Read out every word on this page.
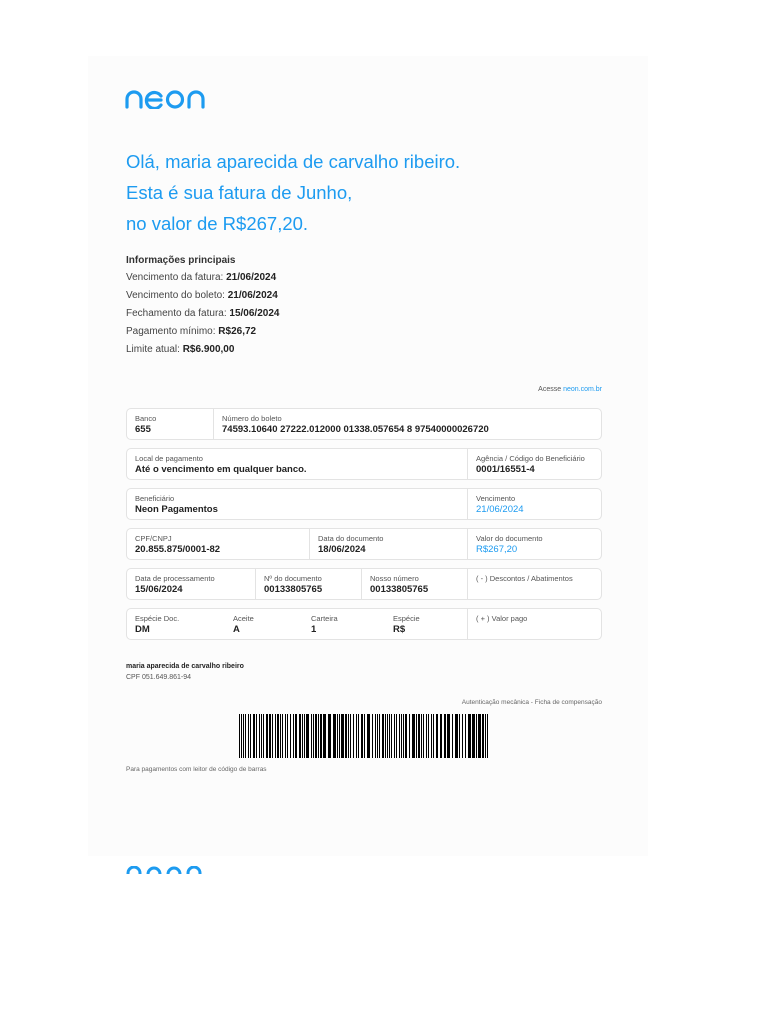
Olá, maria aparecida de carvalho ribeiro.
Esta é sua fatura de Junho,
no valor de R$267,20.
Informações principais
Vencimento da fatura: 21/06/2024
Vencimento do boleto: 21/06/2024
Fechamento da fatura: 15/06/2024
Pagamento mínimo: R$26,72
Limite atual: R$6.900,00
Acesse neon.com.br
Banco
655
Número do boleto
74593.10640 27222.012000 01338.057654 8 97540000026720
Local de pagamento
Até o vencimento em qualquer banco.
Agência / Código do Beneficiário
0001/16551-4
Beneficiário
Neon Pagamentos
Vencimento
21/06/2024
CPF/CNPJ
20.855.875/0001-82
Data do documento
18/06/2024
Valor do documento
R$267,20
Data de processamento
15/06/2024
Nº do documento
00133805765
Nosso número
00133805765
( - ) Descontos / Abatimentos
Espécie Doc.
DM
Aceite
A
Carteira
1
Espécie
R$
( + ) Valor pago
maria aparecida de carvalho ribeiro
CPF 051.649.861-94
Autenticação mecânica - Ficha de compensação
Para pagamentos com leitor de código de barras
